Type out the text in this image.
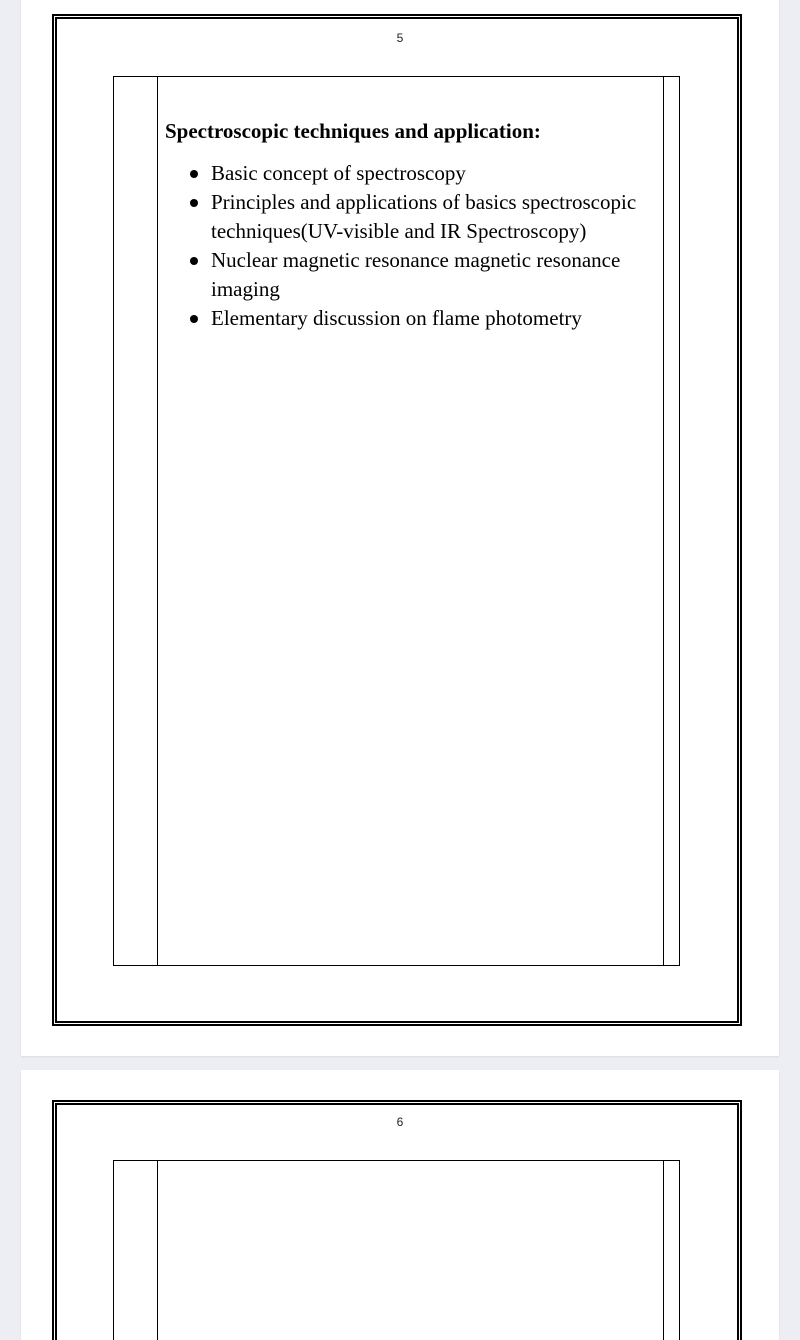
5
Spectroscopic techniques and application:
Basic concept of spectroscopy
Principles and applications of basics spectroscopic techniques(UV-visible and IR Spectroscopy)
Nuclear magnetic resonance magnetic resonance imaging
Elementary discussion on flame photometry
6
